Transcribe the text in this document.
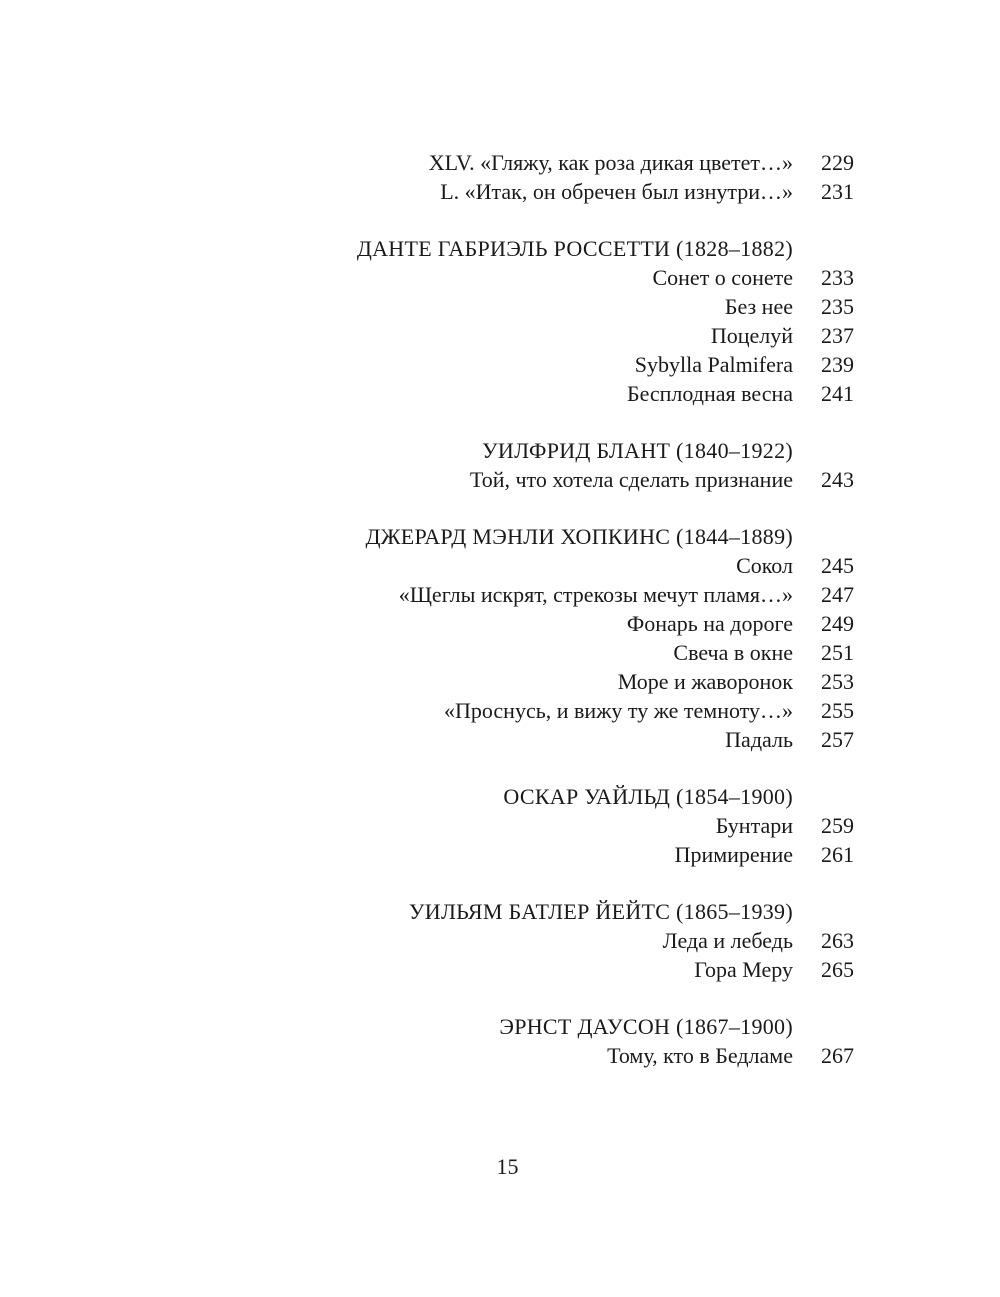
XLV. «Гляжу, как роза дикая цветет…» 229
L. «Итак, он обречен был изнутри…» 231
ДАНТЕ ГАБРИЭЛЬ РОССЕТТИ (1828–1882)
Сонет о сонете 233
Без нее 235
Поцелуй 237
Sybylla Palmifera 239
Бесплодная весна 241
УИЛФРИД БЛАНТ (1840–1922)
Той, что хотела сделать признание 243
ДЖЕРАРД МЭНЛИ ХОПКИНС (1844–1889)
Сокол 245
«Щеглы искрят, стрекозы мечут пламя…» 247
Фонарь на дороге 249
Свеча в окне 251
Море и жаворонок 253
«Проснусь, и вижу ту же темноту…» 255
Падаль 257
ОСКАР УАЙЛЬД (1854–1900)
Бунтари 259
Примирение 261
УИЛЬЯМ БАТЛЕР ЙЕЙТС (1865–1939)
Леда и лебедь 263
Гора Меру 265
ЭРНСТ ДАУСОН (1867–1900)
Тому, кто в Бедламе 267
15
